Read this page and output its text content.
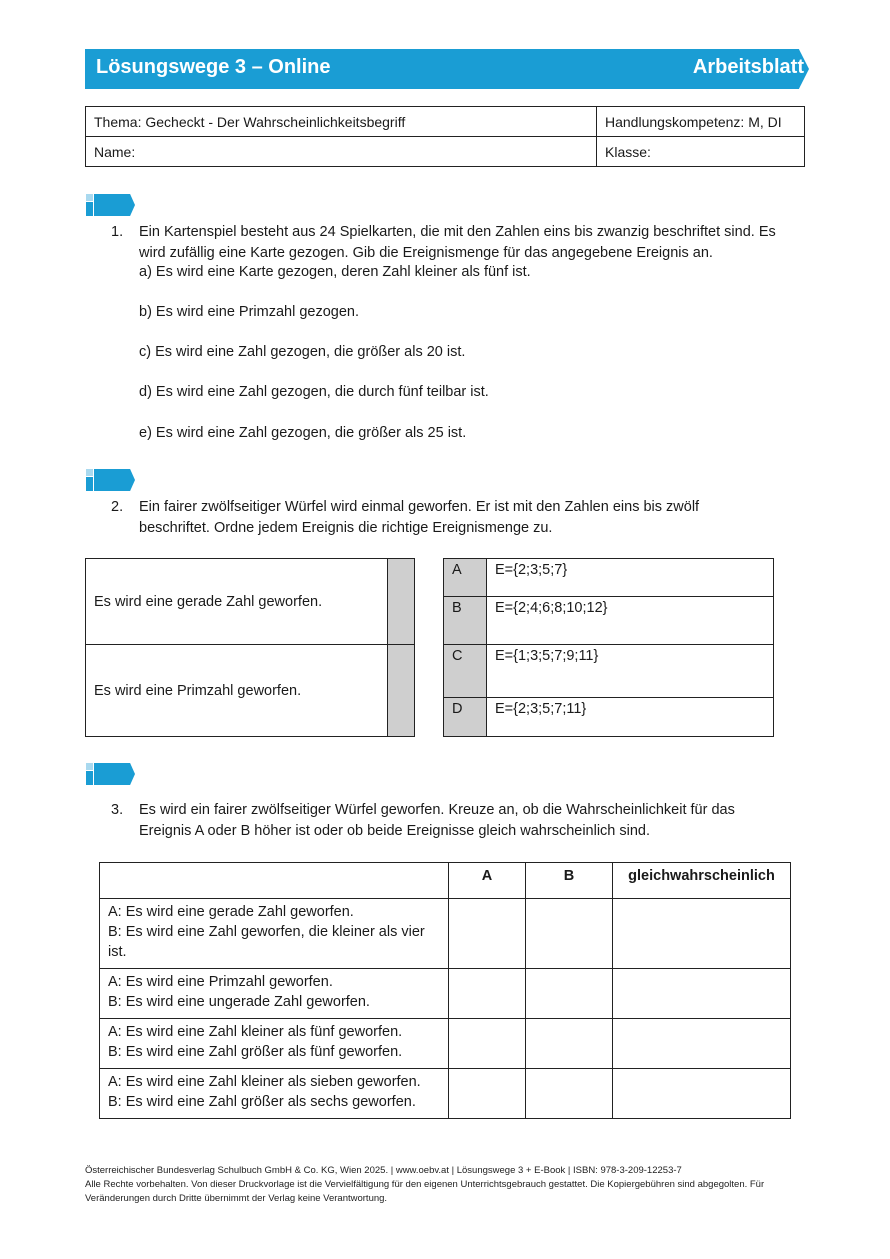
Lösungswege 3 – Online	Arbeitsblatt
Thema: Gecheckt - Der Wahrscheinlichkeitsbegriff	Handlungskompetenz: M, DI
Name:	Klasse:
1. Ein Kartenspiel besteht aus 24 Spielkarten, die mit den Zahlen eins bis zwanzig beschriftet sind. Es
wird zufällig eine Karte gezogen. Gib die Ereignismenge für das angegebene Ereignis an.
a) Es wird eine Karte gezogen, deren Zahl kleiner als fünf ist.
b) Es wird eine Primzahl gezogen.
c) Es wird eine Zahl gezogen, die größer als 20 ist.
d) Es wird eine Zahl gezogen, die durch fünf teilbar ist.
e) Es wird eine Zahl gezogen, die größer als 25 ist.
2. Ein fairer zwölfseitiger Würfel wird einmal geworfen. Er ist mit den Zahlen eins bis zwölf
beschriftet. Ordne jedem Ereignis die richtige Ereignismenge zu.
Es wird eine gerade Zahl geworfen.	
Es wird eine Primzahl geworfen.	
A	E={2;3;5;7}
B	E={2;4;6;8;10;12}
C	E={1;3;5;7;9;11}
D	E={2;3;5;7;11}
3. Es wird ein fairer zwölfseitiger Würfel geworfen. Kreuze an, ob die Wahrscheinlichkeit für das
Ereignis A oder B höher ist oder ob beide Ereignisse gleich wahrscheinlich sind.
	A	B	gleichwahrscheinlich

A: Es wird eine gerade Zahl geworfen.
B: Es wird eine Zahl geworfen, die kleiner als vier ist.			

A: Es wird eine Primzahl geworfen.
B: Es wird eine ungerade Zahl geworfen.			

A: Es wird eine Zahl kleiner als fünf geworfen.
B: Es wird eine Zahl größer als fünf geworfen.			

A: Es wird eine Zahl kleiner als sieben geworfen.
B: Es wird eine Zahl größer als sechs geworfen.			

Österreichischer Bundesverlag Schulbuch GmbH & Co. KG, Wien 2025. | www.oebv.at | Lösungswege 3 + E-Book | ISBN: 978-3-209-12253-7
Alle Rechte vorbehalten. Von dieser Druckvorlage ist die Vervielfältigung für den eigenen Unterrichtsgebrauch gestattet. Die Kopiergebühren sind abgegolten. Für
Veränderungen durch Dritte übernimmt der Verlag keine Verantwortung.
